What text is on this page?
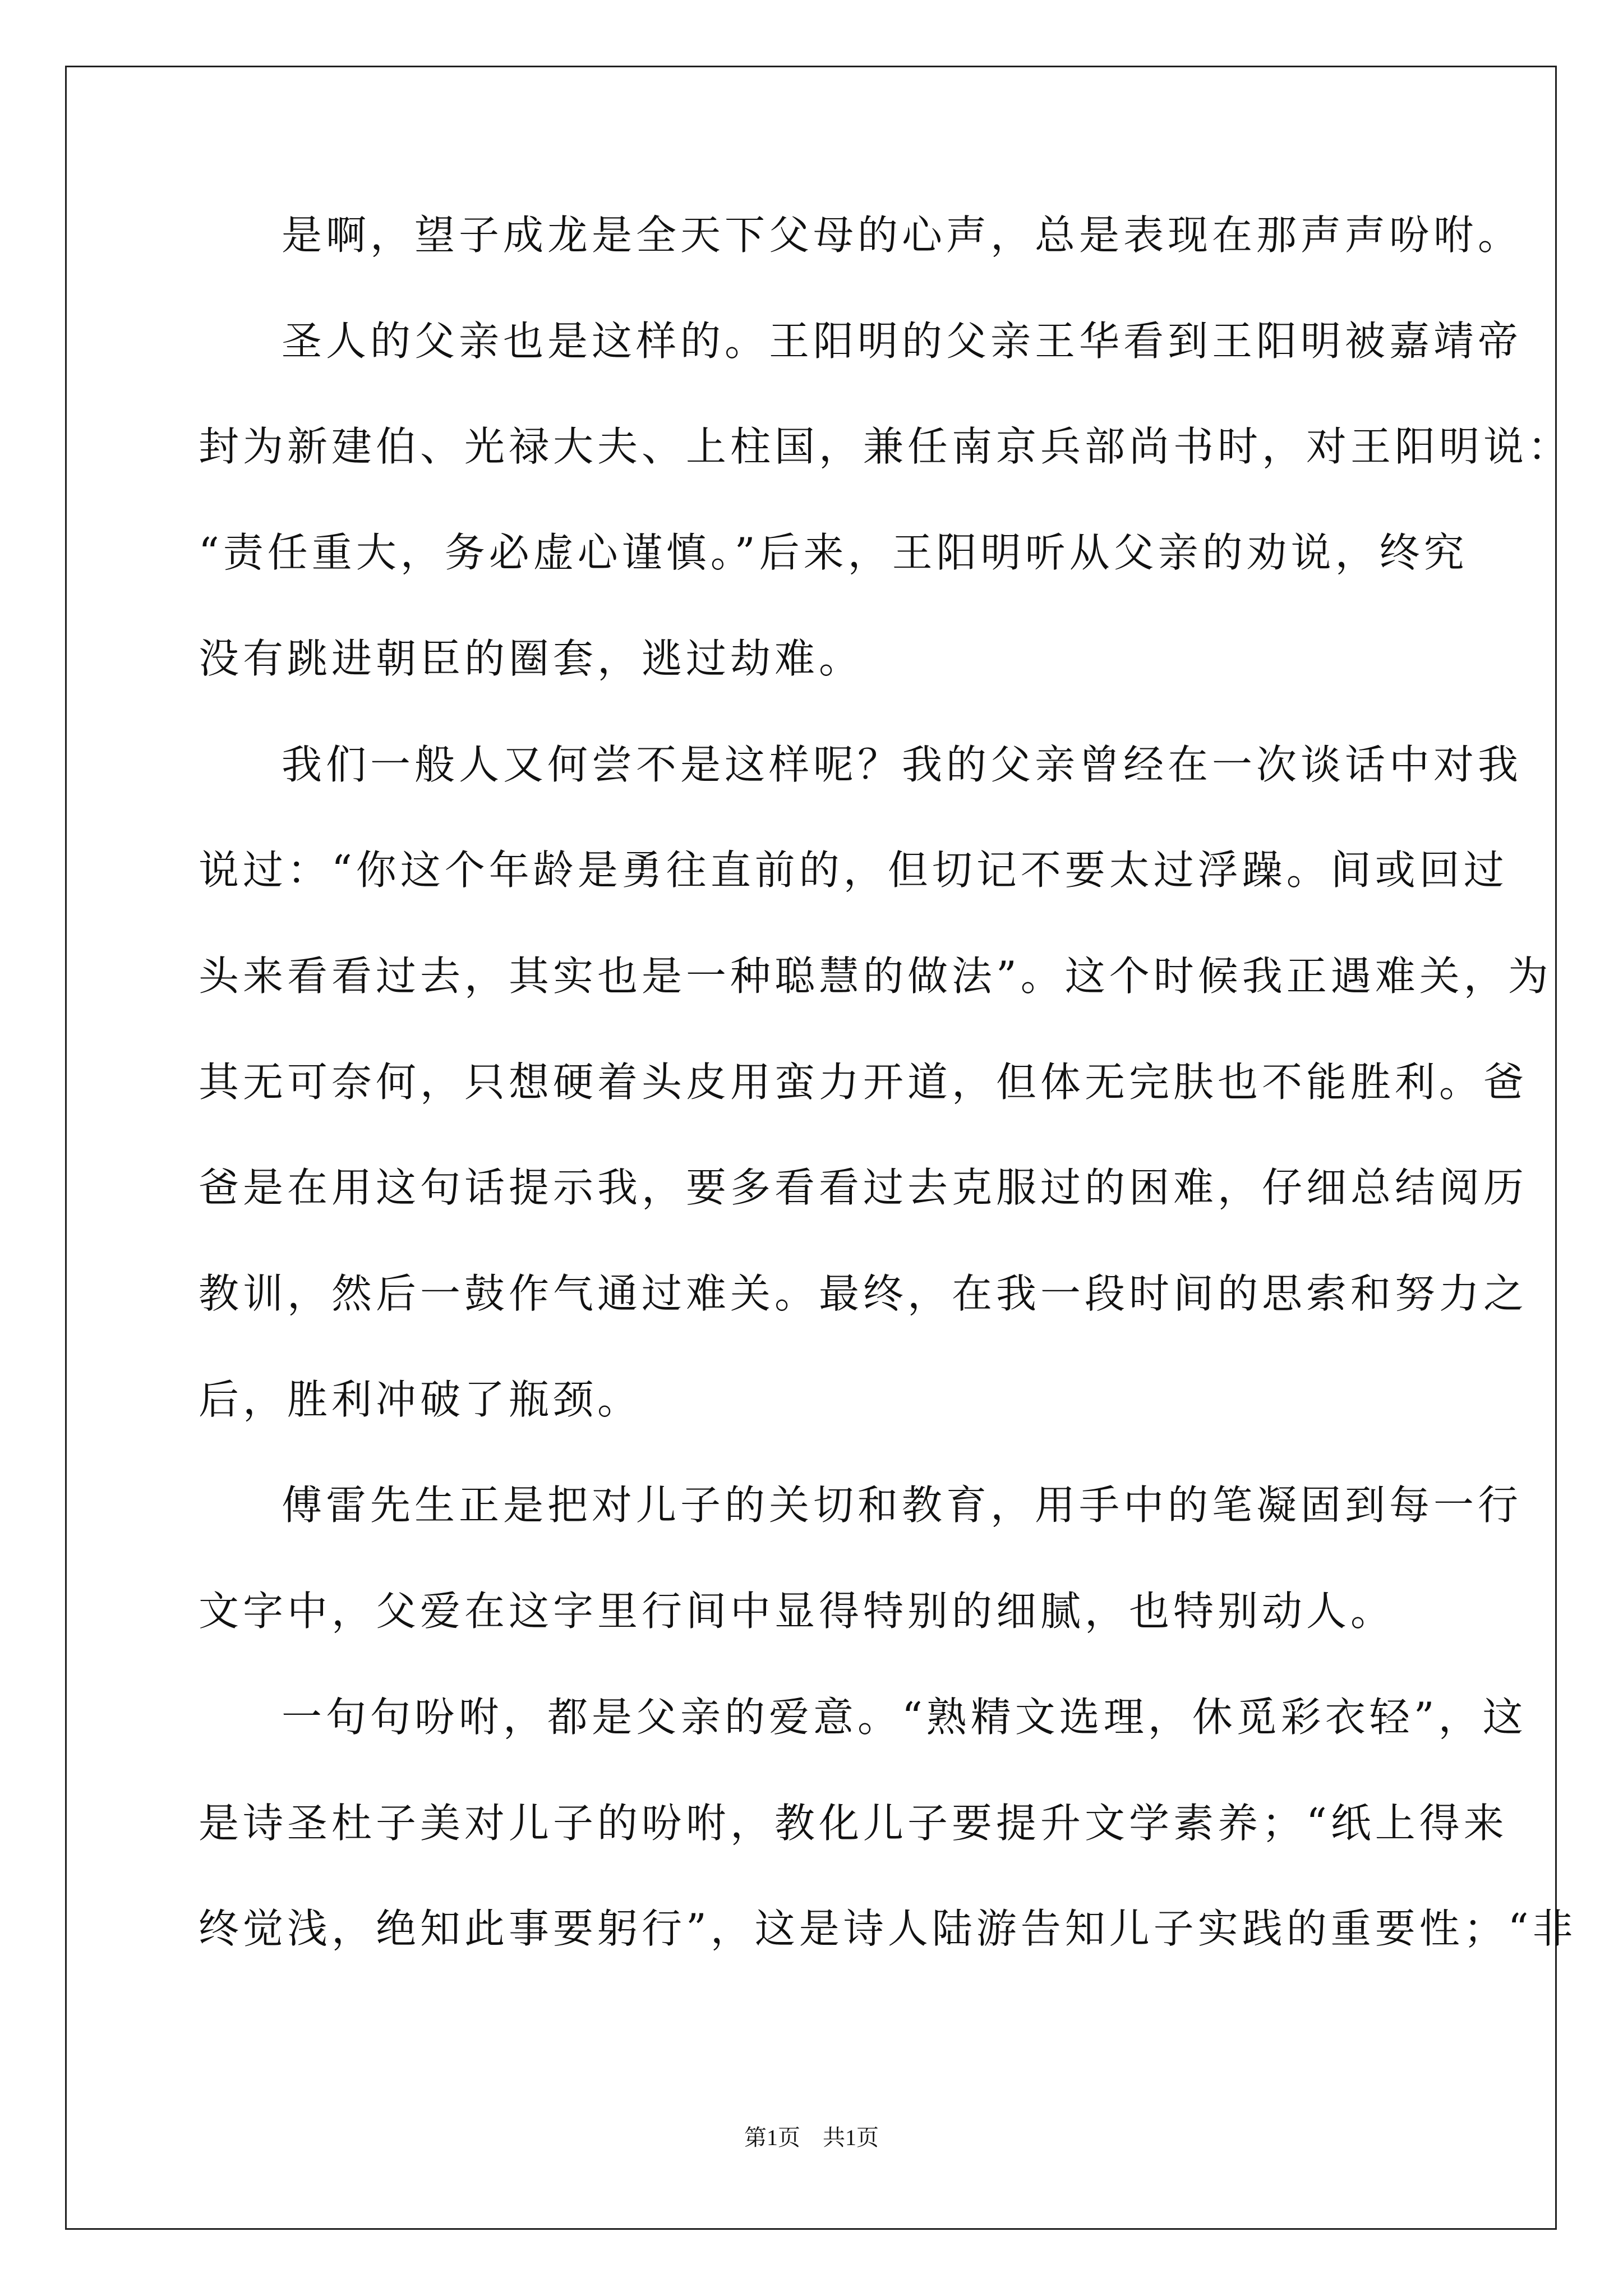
是啊，望子成龙是全天下父母的心声，总是表现在那声声吩咐。
圣人的父亲也是这样的。王阳明的父亲王华看到王阳明被嘉靖帝
封为新建伯、光禄大夫、上柱国，兼任南京兵部尚书时，对王阳明说：
“责任重大，务必虚心谨慎。”后来，王阳明听从父亲的劝说，终究
没有跳进朝臣的圈套，逃过劫难。
我们一般人又何尝不是这样呢？我的父亲曾经在一次谈话中对我
说过：“你这个年龄是勇往直前的，但切记不要太过浮躁。间或回过
头来看看过去，其实也是一种聪慧的做法”。这个时候我正遇难关，为
其无可奈何，只想硬着头皮用蛮力开道，但体无完肤也不能胜利。爸
爸是在用这句话提示我，要多看看过去克服过的困难，仔细总结阅历
教训，然后一鼓作气通过难关。最终，在我一段时间的思索和努力之
后，胜利冲破了瓶颈。
傅雷先生正是把对儿子的关切和教育，用手中的笔凝固到每一行
文字中，父爱在这字里行间中显得特别的细腻，也特别动人。
一句句吩咐，都是父亲的爱意。“熟精文选理，休觅彩衣轻”，这
是诗圣杜子美对儿子的吩咐，教化儿子要提升文学素养；“纸上得来
终觉浅，绝知此事要躬行”，这是诗人陆游告知儿子实践的重要性；“非
第1页　共1页
